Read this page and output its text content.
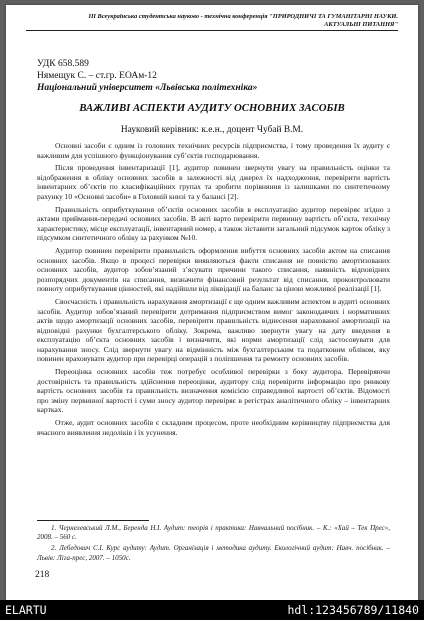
ІІІ Всеукраїнська студентська науково - технічна конференція "ПРИРОДНИЧІ ТА ГУМАНІТАРНІ НАУКИ.
АКТУАЛЬНІ ПИТАННЯ"
УДК 658.589
Нямещук С. – ст.гр. ЕОАм-12
Національний університет «Львівська політехніка»
ВАЖЛИВІ АСПЕКТИ АУДИТУ ОСНОВНИХ ЗАСОБІВ
Науковий керівник: к.е.н., доцент Чубай В.М.

Основні засоби є одним із головних технічних ресурсів підприємства, і тому проведення їх аудиту є важливим для успішного функціонування суб’єктів господарювання.

Після проведення інвентаризації [1], аудитор повинен звернути увагу на правильність оцінки та відображення в обліку основних засобів в залежності від джерел їх надходження, перевірити вартість інвентарних об’єктів по класифікаційних групах та зробити порівняння із залишками по синтетичному рахунку 10 «Основні засоби» в Головній книзі та у балансі [2].

Правильність оприбуткування об’єктів основних засобів в експлуатацію аудитор перевіряє згідно з актами приймання-передачі основних засобів. В акті варто перевірити первинну вартість об’єкта, технічну характеристику, місце експлуатації, інвентарний номер, а також зіставити загальний підсумок карток обліку з підсумком синтетичного обліку за рахунком №10.

Аудитор повинен перевірити правильність оформлення вибуття основних засобів актом на списання основних засобів. Якщо в процесі перевірки виявляються факти списання не повністю амортизованих основних засобів, аудитор зобов’язаний з’ясувати причини такого списання, наявність відповідних розпорядчих документів на списання, визначити фінансовий результат від списання, проконтролювати повноту оприбуткування цінностей, які надійшли від ліквідації на баланс за ціною можливої реалізації [1].

Своєчасність і правильність нарахування амортизації є ще одним важливим аспектом в аудиті основних засобів. Аудитор зобов’язаний перевірити дотримання підприємством вимог законодавчих і нормативних актів щодо амортизації основних засобів, перевірити правильність віднесення нарахованої амортизації на відповідні рахунки бухгалтерського обліку. Зокрема, важливо звернути увагу на дату введення в експлуатацію об’єкта основних засобів і визначити, які норми амортизації слід застосовувати для нарахування зносу. Слід звернути увагу на відмінність між бухгалтерським та податковим обліком, яку повинен враховувати аудитор при перевірці операцій з поліпшення та ремонту основних засобів.

Переоцінка основних засобів теж потребує особливої перевірки з боку аудитора. Перевіряючи достовірність та правильність здійснення переоцінки, аудитору слід перевірити інформацію про ринкову вартість основних засобів та правильність визначення комісією справедливої вартості об’єктів. Відомості про зміну первинної вартості і суми зносу аудитор перевіряє в регістрах аналітичного обліку – інвентарних картках.

Отже, аудит основних засобів є складним процесом, проте необхідним керівництву підприємства для вчасного виявлення недоліків і їх усунення.

1. Чернелевський Л.М., Беренда Н.І. Аудит: теорія і практика: Навчальний посібник. – К.: «Хай – Тек Прес», 2008. – 560 с.

2. Лебедович С.І. Курс аудиту: Аудит. Організація і методика аудиту. Екологічний аудит: Навч. посібник. – Львів: Ліга-прес, 2007. – 1050с.

218
ELARTU	hdl:123456789/11840
